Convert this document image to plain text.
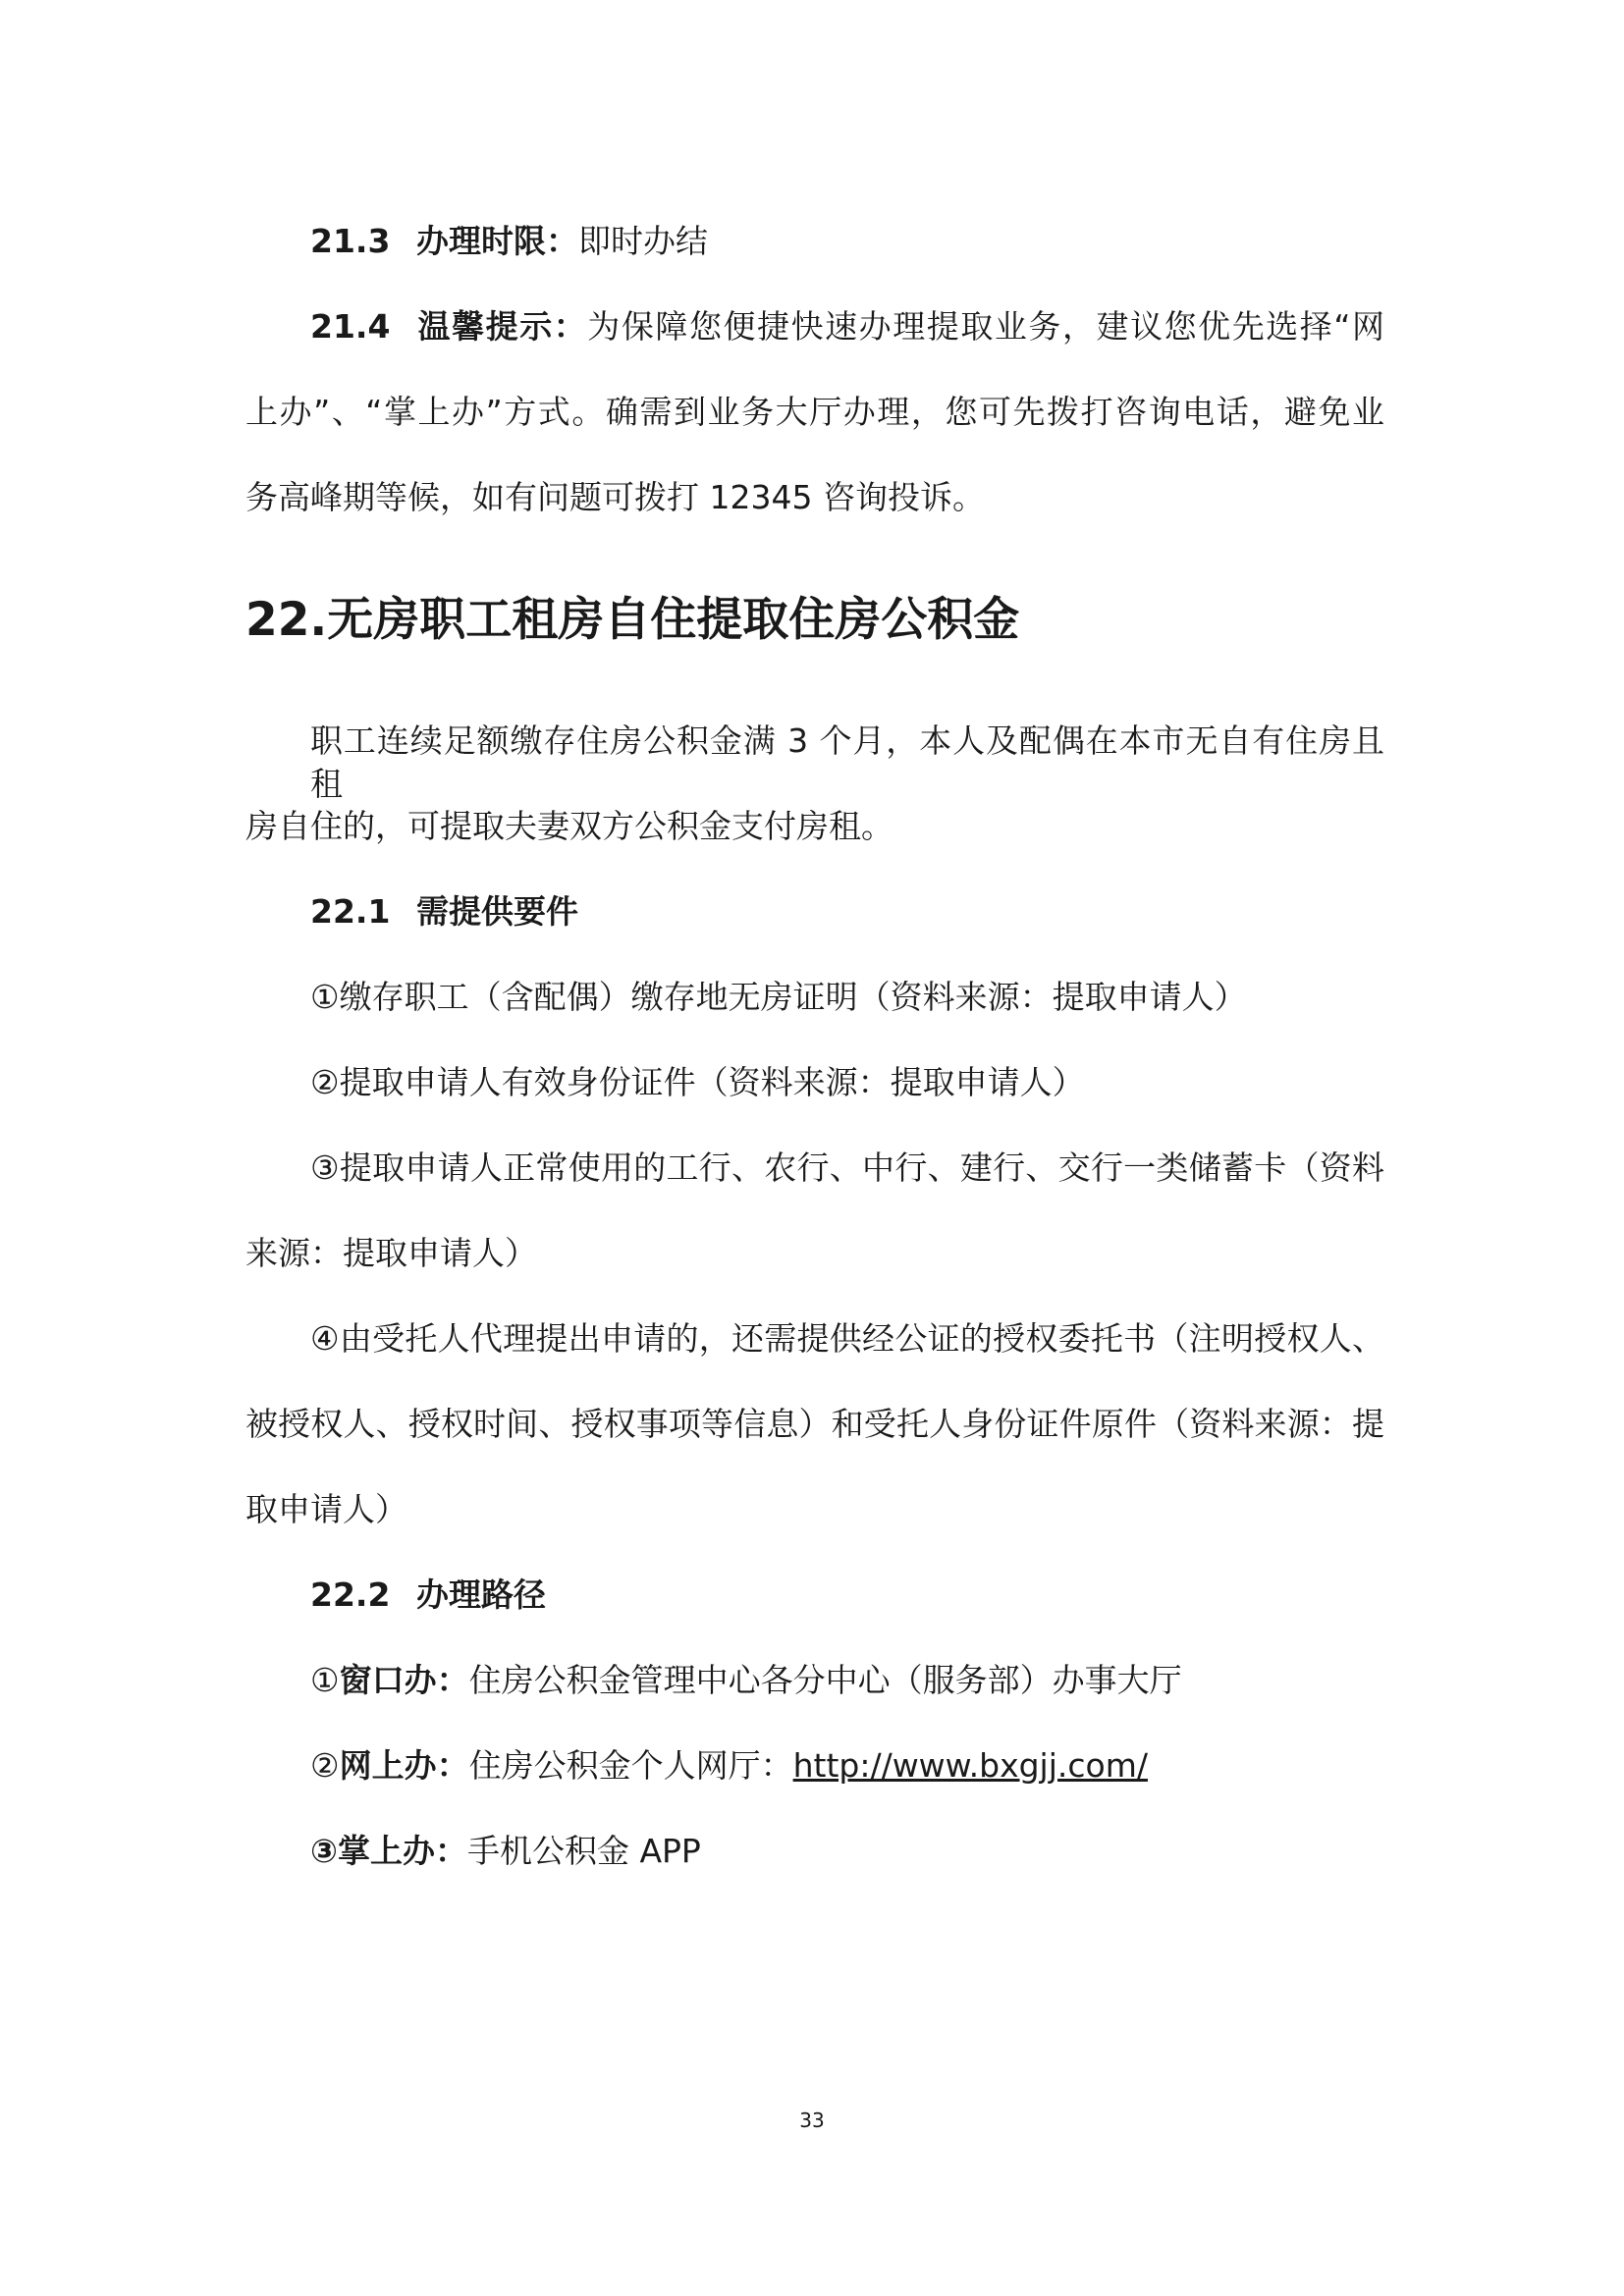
21.3 办理时限：即时办结
21.4 温馨提示：为保障您便捷快速办理提取业务，建议您优先选择“网
上办”、“掌上办”方式。确需到业务大厅办理，您可先拨打咨询电话，避免业
务高峰期等候，如有问题可拨打 12345 咨询投诉。
22.无房职工租房自住提取住房公积金
职工连续足额缴存住房公积金满 3 个月，本人及配偶在本市无自有住房且租
房自住的，可提取夫妻双方公积金支付房租。
22.1 需提供要件
①缴存职工（含配偶）缴存地无房证明（资料来源：提取申请人）
②提取申请人有效身份证件（资料来源：提取申请人）
③提取申请人正常使用的工行、农行、中行、建行、交行一类储蓄卡（资料
来源：提取申请人）
④由受托人代理提出申请的，还需提供经公证的授权委托书（注明授权人、
被授权人、授权时间、授权事项等信息）和受托人身份证件原件（资料来源：提
取申请人）
22.2 办理路径
①窗口办：住房公积金管理中心各分中心（服务部）办事大厅
②网上办：住房公积金个人网厅：http://www.bxgjj.com/
③掌上办：手机公积金 APP
33
